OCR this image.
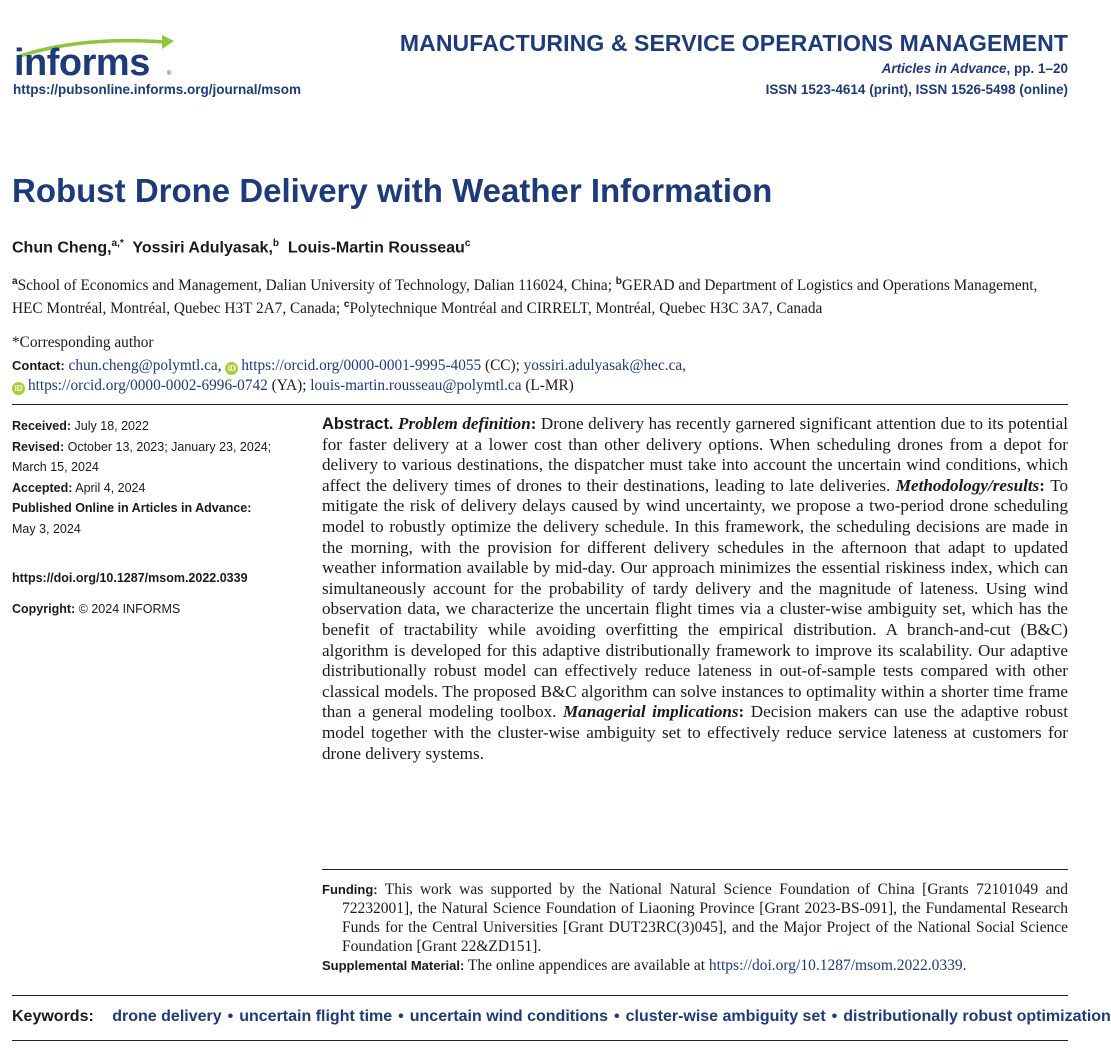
informs	®
https://pubsonline.informs.org/journal/msom
MANUFACTURING & SERVICE OPERATIONS MANAGEMENT
Articles in Advance, pp. 1–20
ISSN 1523-4614 (print), ISSN 1526-5498 (online)
Robust Drone Delivery with Weather Information
Chun Cheng,$^{a,*}$ Yossiri Adulyasak,$^b$ Louis-Martin Rousseau$^c$
$^a$School of Economics and Management, Dalian University of Technology, Dalian 116024, China; $^b$GERAD and Department of Logistics and Operations Management, HEC Montréal, Montréal, Quebec H3T 2A7, Canada; $^c$Polytechnique Montréal and CIRRELT, Montréal, Quebec H3C 3A7, Canada
*Corresponding author
Contact: chun.cheng@polymtl.ca, iD https://orcid.org/0000-0001-9995-4055 (CC); yossiri.adulyasak@hec.ca,
iD https://orcid.org/0000-0002-6996-0742 (YA); louis-martin.rousseau@polymtl.ca (L-MR)

Received: July 18, 2022

Revised: October 13, 2023; January 23, 2024; March 15, 2024

Accepted: April 4, 2024

Published Online in Articles in Advance:
May 3, 2024

https://doi.org/10.1287/msom.2022.0339

Copyright: © 2024 INFORMS

Abstract. Problem definition: Drone delivery has recently garnered significant attention due to its potential for faster delivery at a lower cost than other delivery options. When scheduling drones from a depot for delivery to various destinations, the dispatcher must take into account the uncertain wind conditions, which affect the delivery times of drones to their destinations, leading to late deliveries. Methodology/results: To mitigate the risk of delivery delays caused by wind uncertainty, we propose a two-period drone scheduling model to robustly optimize the delivery schedule. In this framework, the scheduling decisions are made in the morning, with the provision for different delivery schedules in the afternoon that adapt to updated weather information available by mid-day. Our approach minimizes the essential riskiness index, which can simultaneously account for the probability of tardy delivery and the magnitude of lateness. Using wind observation data, we characterize the uncertain flight times via a cluster-wise ambiguity set, which has the benefit of tractability while avoiding overfitting the empirical distribution. A branch-and-cut (B&C) algorithm is developed for this adaptive distributionally framework to improve its scalability. Our adaptive distributionally robust model can effectively reduce lateness in out-of-sample tests compared with other classical models. The proposed B&C algorithm can solve instances to optimality within a shorter time frame than a general modeling toolbox. Managerial implications: Decision makers can use the adaptive robust model together with the cluster-wise ambiguity set to effectively reduce service lateness at customers for drone delivery systems.

Funding: This work was supported by the National Natural Science Foundation of China [Grants 72101049 and 72232001], the Natural Science Foundation of Liaoning Province [Grant 2023-BS-091], the Fundamental Research Funds for the Central Universities [Grant DUT23RC(3)045], and the Major Project of the National Social Science Foundation [Grant 22&ZD151].

Supplemental Material: The online appendices are available at https://doi.org/10.1287/msom.2022.0339.

Keywords: drone delivery • uncertain flight time • uncertain wind conditions • cluster-wise ambiguity set • distributionally robust optimization
